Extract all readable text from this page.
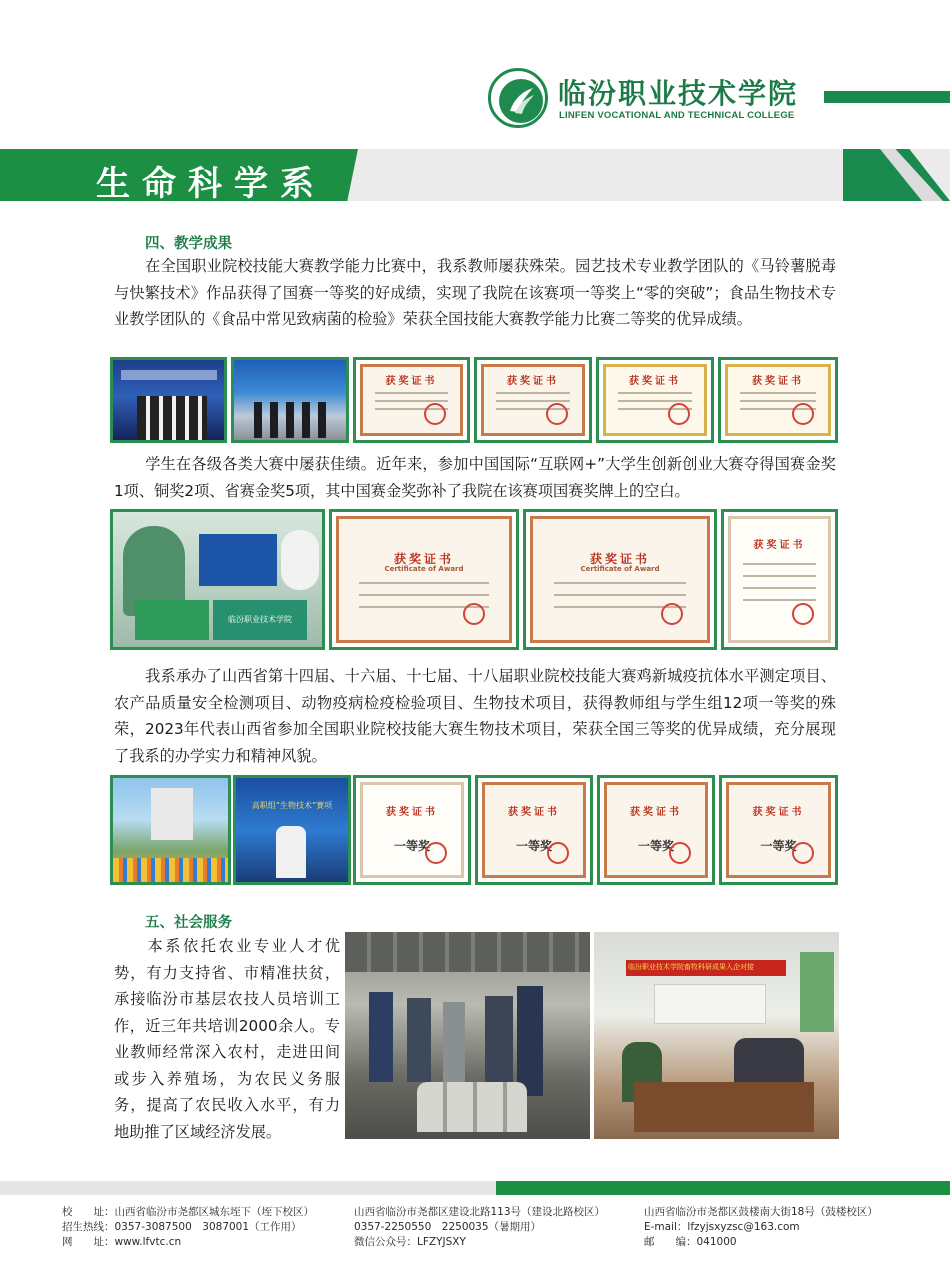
临汾职业技术学院
LINFEN VOCATIONAL AND TECHNICAL COLLEGE
生命科学系
四、教学成果
在全国职业院校技能大赛教学能力比赛中，我系教师屡获殊荣。园艺技术专业教学团队的《马铃薯脱毒与快繁技术》作品获得了国赛一等奖的好成绩，实现了我院在该赛项一等奖上“零的突破”；食品生物技术专业教学团队的《食品中常见致病菌的检验》荣获全国技能大赛教学能力比赛二等奖的优异成绩。
获奖证书	获奖证书	获奖证书	获奖证书
学生在各级各类大赛中屡获佳绩。近年来，参加中国国际“互联网+”大学生创新创业大赛夺得国赛金奖1项、铜奖2项、省赛金奖5项，其中国赛金奖弥补了我院在该赛项国赛奖牌上的空白。
临汾职业技术学院
获奖证书
Certificate of Award
获奖证书
Certificate of Award
获奖证书
我系承办了山西省第十四届、十六届、十七届、十八届职业院校技能大赛鸡新城疫抗体水平测定项目、农产品质量安全检测项目、动物疫病检疫检验项目、生物技术项目，获得教师组与学生组12项一等奖的殊荣，2023年代表山西省参加全国职业院校技能大赛生物技术项目，荣获全国三等奖的优异成绩，充分展现了我系的办学实力和精神风貌。
高职组“生物技术”赛项
获奖证书
一等奖
获奖证书
一等奖
获奖证书
一等奖
获奖证书
一等奖
五、社会服务
本系依托农业专业人才优势，有力支持省、市精准扶贫，承接临汾市基层农技人员培训工作，近三年共培训2000余人。专业教师经常深入农村，走进田间或步入养殖场，为农民义务服务，提高了农民收入水平，有力地助推了区域经济发展。
临汾职业技术学院畜牧科研成果入企对接
校　　址：山西省临汾市尧都区城东垤下（垤下校区）
招生热线：0357-3087500　3087001（工作用）
网　　址：www.lfvtc.cn
山西省临汾市尧都区建设北路113号（建设北路校区）
0357-2250550　2250035（暑期用）
微信公众号：LFZYJSXY
山西省临汾市尧都区鼓楼南大街18号（鼓楼校区）
E-mail：lfzyjsxyzsc@163.com
邮　　编：041000
